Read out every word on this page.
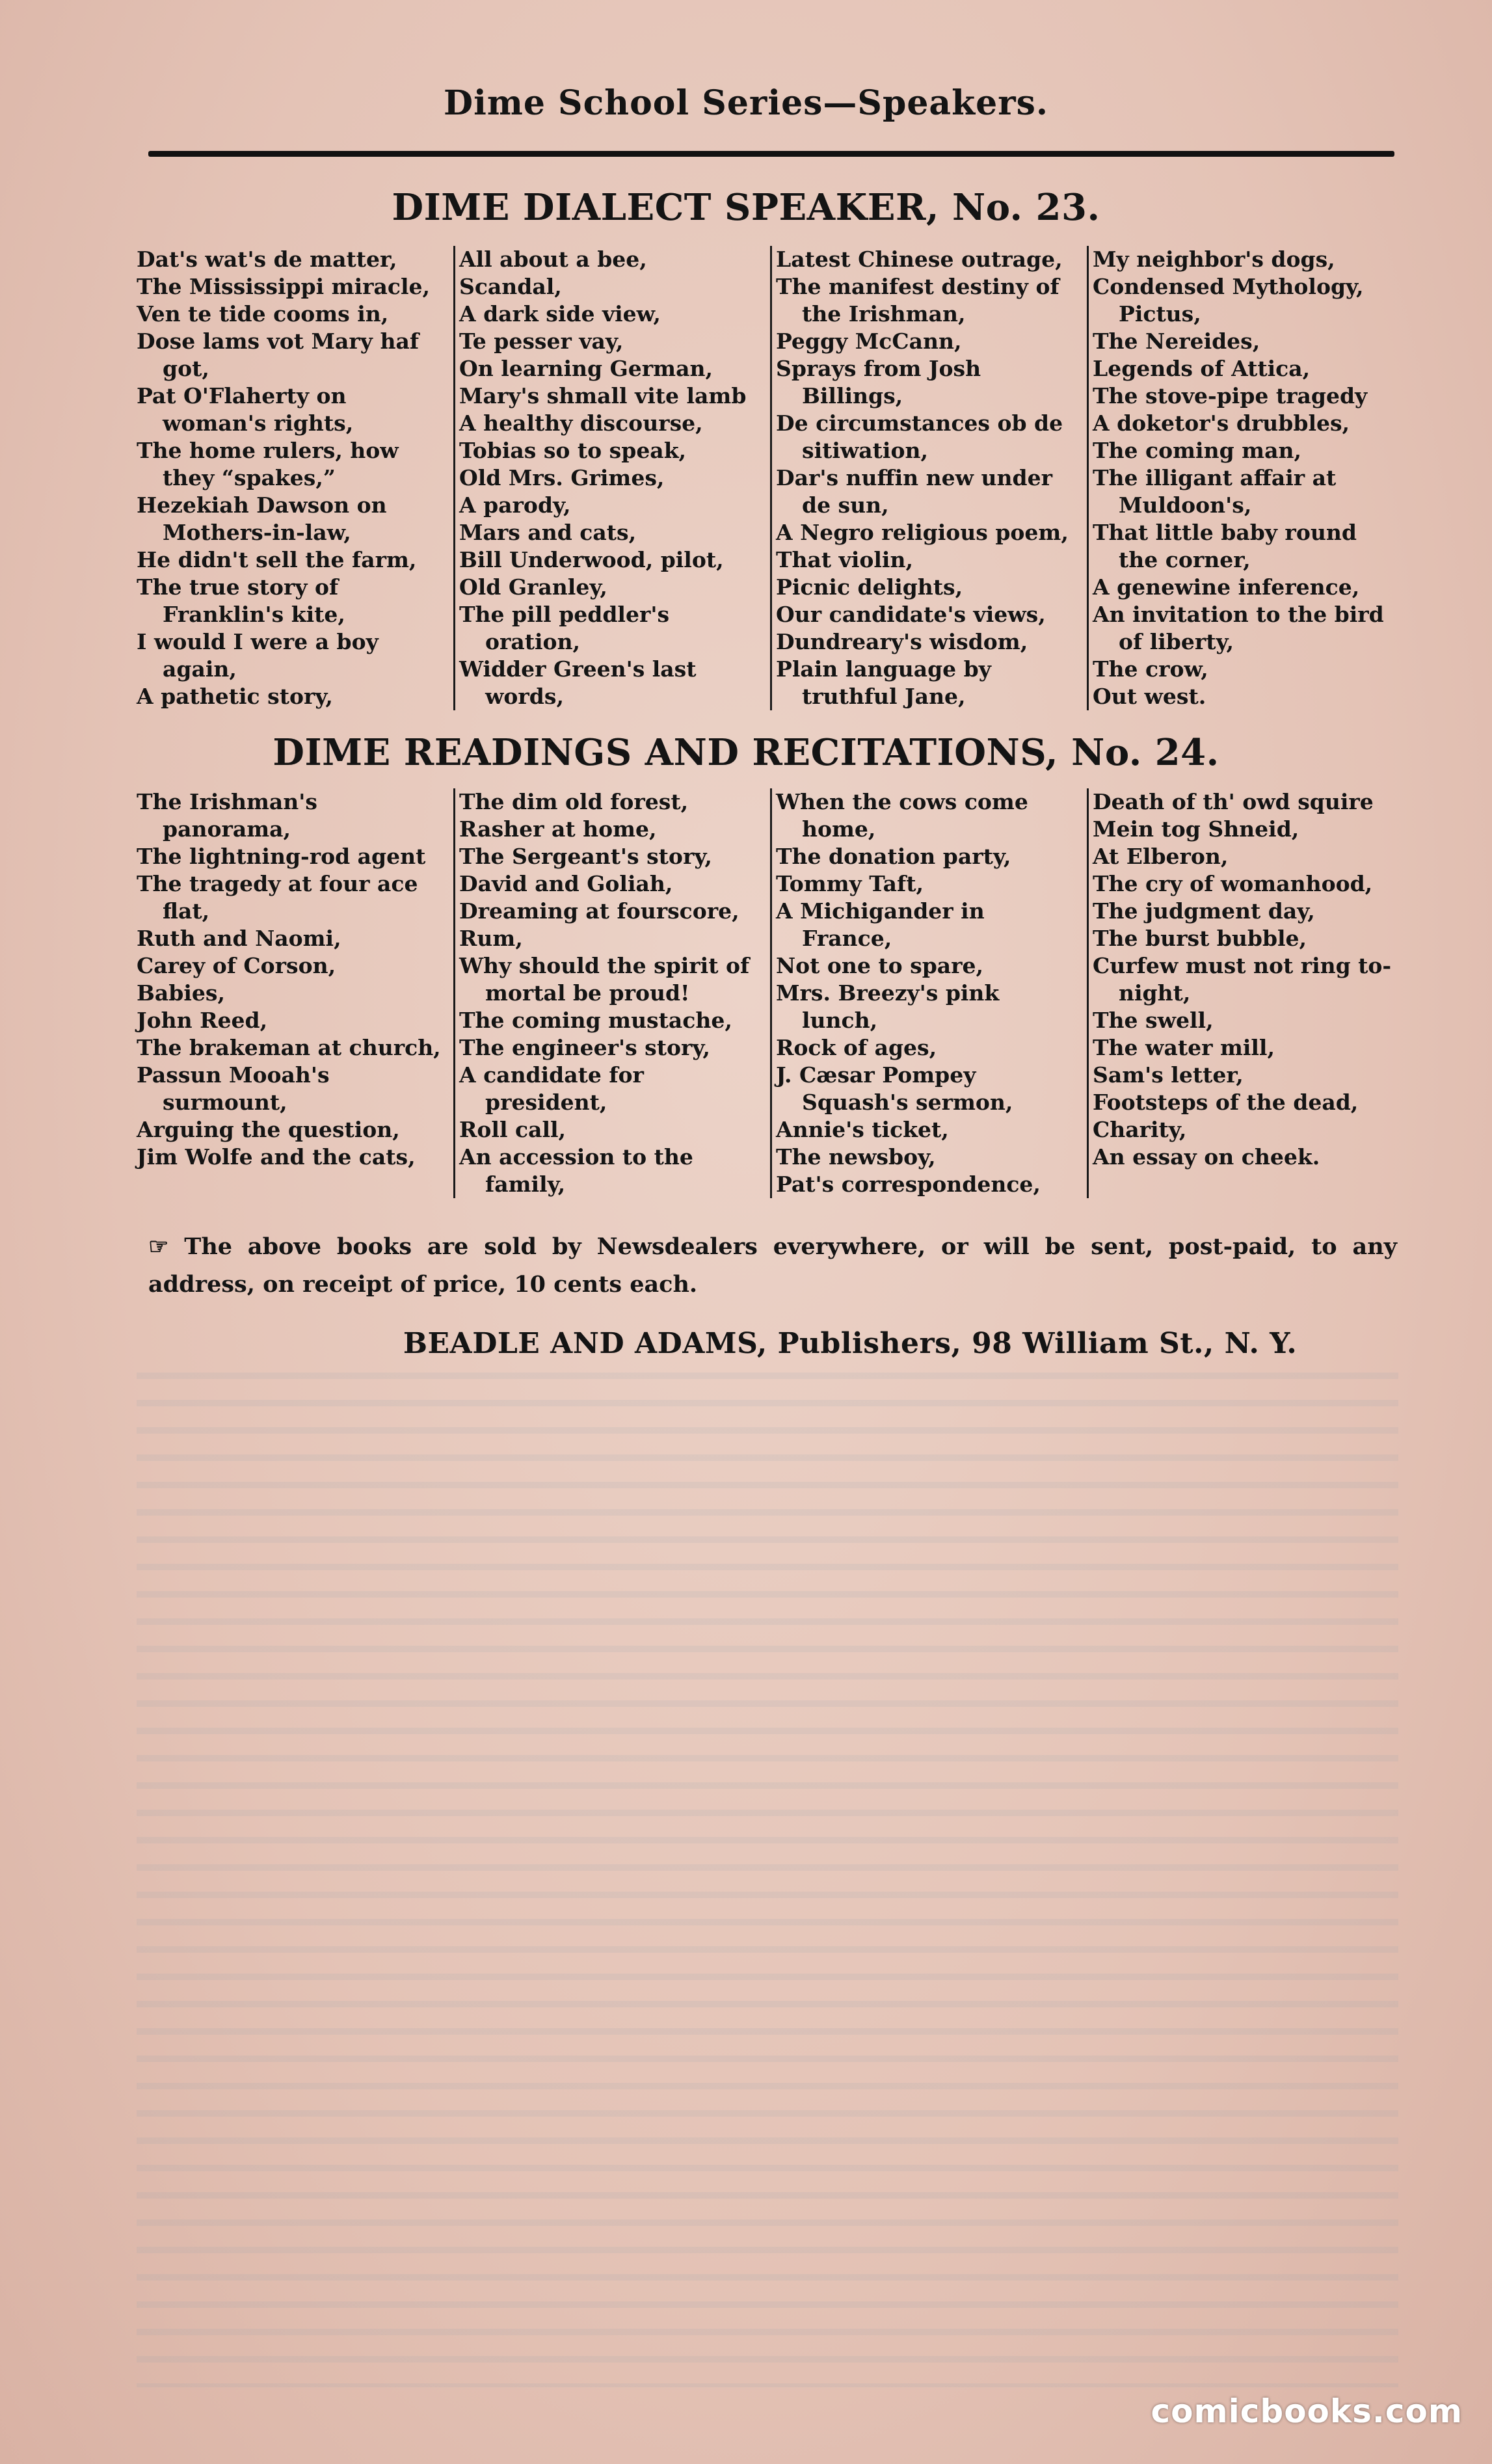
Dime School Series—Speakers.
DIME DIALECT SPEAKER, No. 23.
Dat's wat's de matter,
The Mississippi miracle,
Ven te tide cooms in,
Dose lams vot Mary haf got,
Pat O'Flaherty on woman's rights,
The home rulers, how they “spakes,”
Hezekiah Dawson on Mothers-in-law,
He didn't sell the farm,
The true story of Franklin's kite,
I would I were a boy again,
A pathetic story,
All about a bee,
Scandal,
A dark side view,
Te pesser vay,
On learning German,
Mary's shmall vite lamb
A healthy discourse,
Tobias so to speak,
Old Mrs. Grimes,
A parody,
Mars and cats,
Bill Underwood, pilot,
Old Granley,
The pill peddler's oration,
Widder Green's last words,
Latest Chinese outrage,
The manifest destiny of the Irishman,
Peggy McCann,
Sprays from Josh Billings,
De circumstances ob de sitiwation,
Dar's nuffin new under de sun,
A Negro religious poem,
That violin,
Picnic delights,
Our candidate's views,
Dundreary's wisdom,
Plain language by truthful Jane,
My neighbor's dogs,
Condensed Mythology, Pictus,
The Nereides,
Legends of Attica,
The stove-pipe tragedy
A doketor's drubbles,
The coming man,
The illigant affair at Muldoon's,
That little baby round the corner,
A genewine inference,
An invitation to the bird of liberty,
The crow,
Out west.
DIME READINGS AND RECITATIONS, No. 24.
The Irishman's panorama,
The lightning-rod agent
The tragedy at four ace flat,
Ruth and Naomi,
Carey of Corson,
Babies,
John Reed,
The brakeman at church,
Passun Mooah's surmount,
Arguing the question,
Jim Wolfe and the cats,
The dim old forest,
Rasher at home,
The Sergeant's story,
David and Goliah,
Dreaming at fourscore,
Rum,
Why should the spirit of mortal be proud!
The coming mustache,
The engineer's story,
A candidate for president,
Roll call,
An accession to the family,
When the cows come home,
The donation party,
Tommy Taft,
A Michigander in France,
Not one to spare,
Mrs. Breezy's pink lunch,
Rock of ages,
J. Cæsar Pompey Squash's sermon,
Annie's ticket,
The newsboy,
Pat's correspondence,
Death of th' owd squire
Mein tog Shneid,
At Elberon,
The cry of womanhood,
The judgment day,
The burst bubble,
Curfew must not ring to-night,
The swell,
The water mill,
Sam's letter,
Footsteps of the dead,
Charity,
An essay on cheek.
☞ The above books are sold by Newsdealers everywhere, or will be sent, post-paid, to any address, on receipt of price, 10 cents each.
BEADLE AND ADAMS, Publishers, 98 William St., N. Y.
comicbooks.com
